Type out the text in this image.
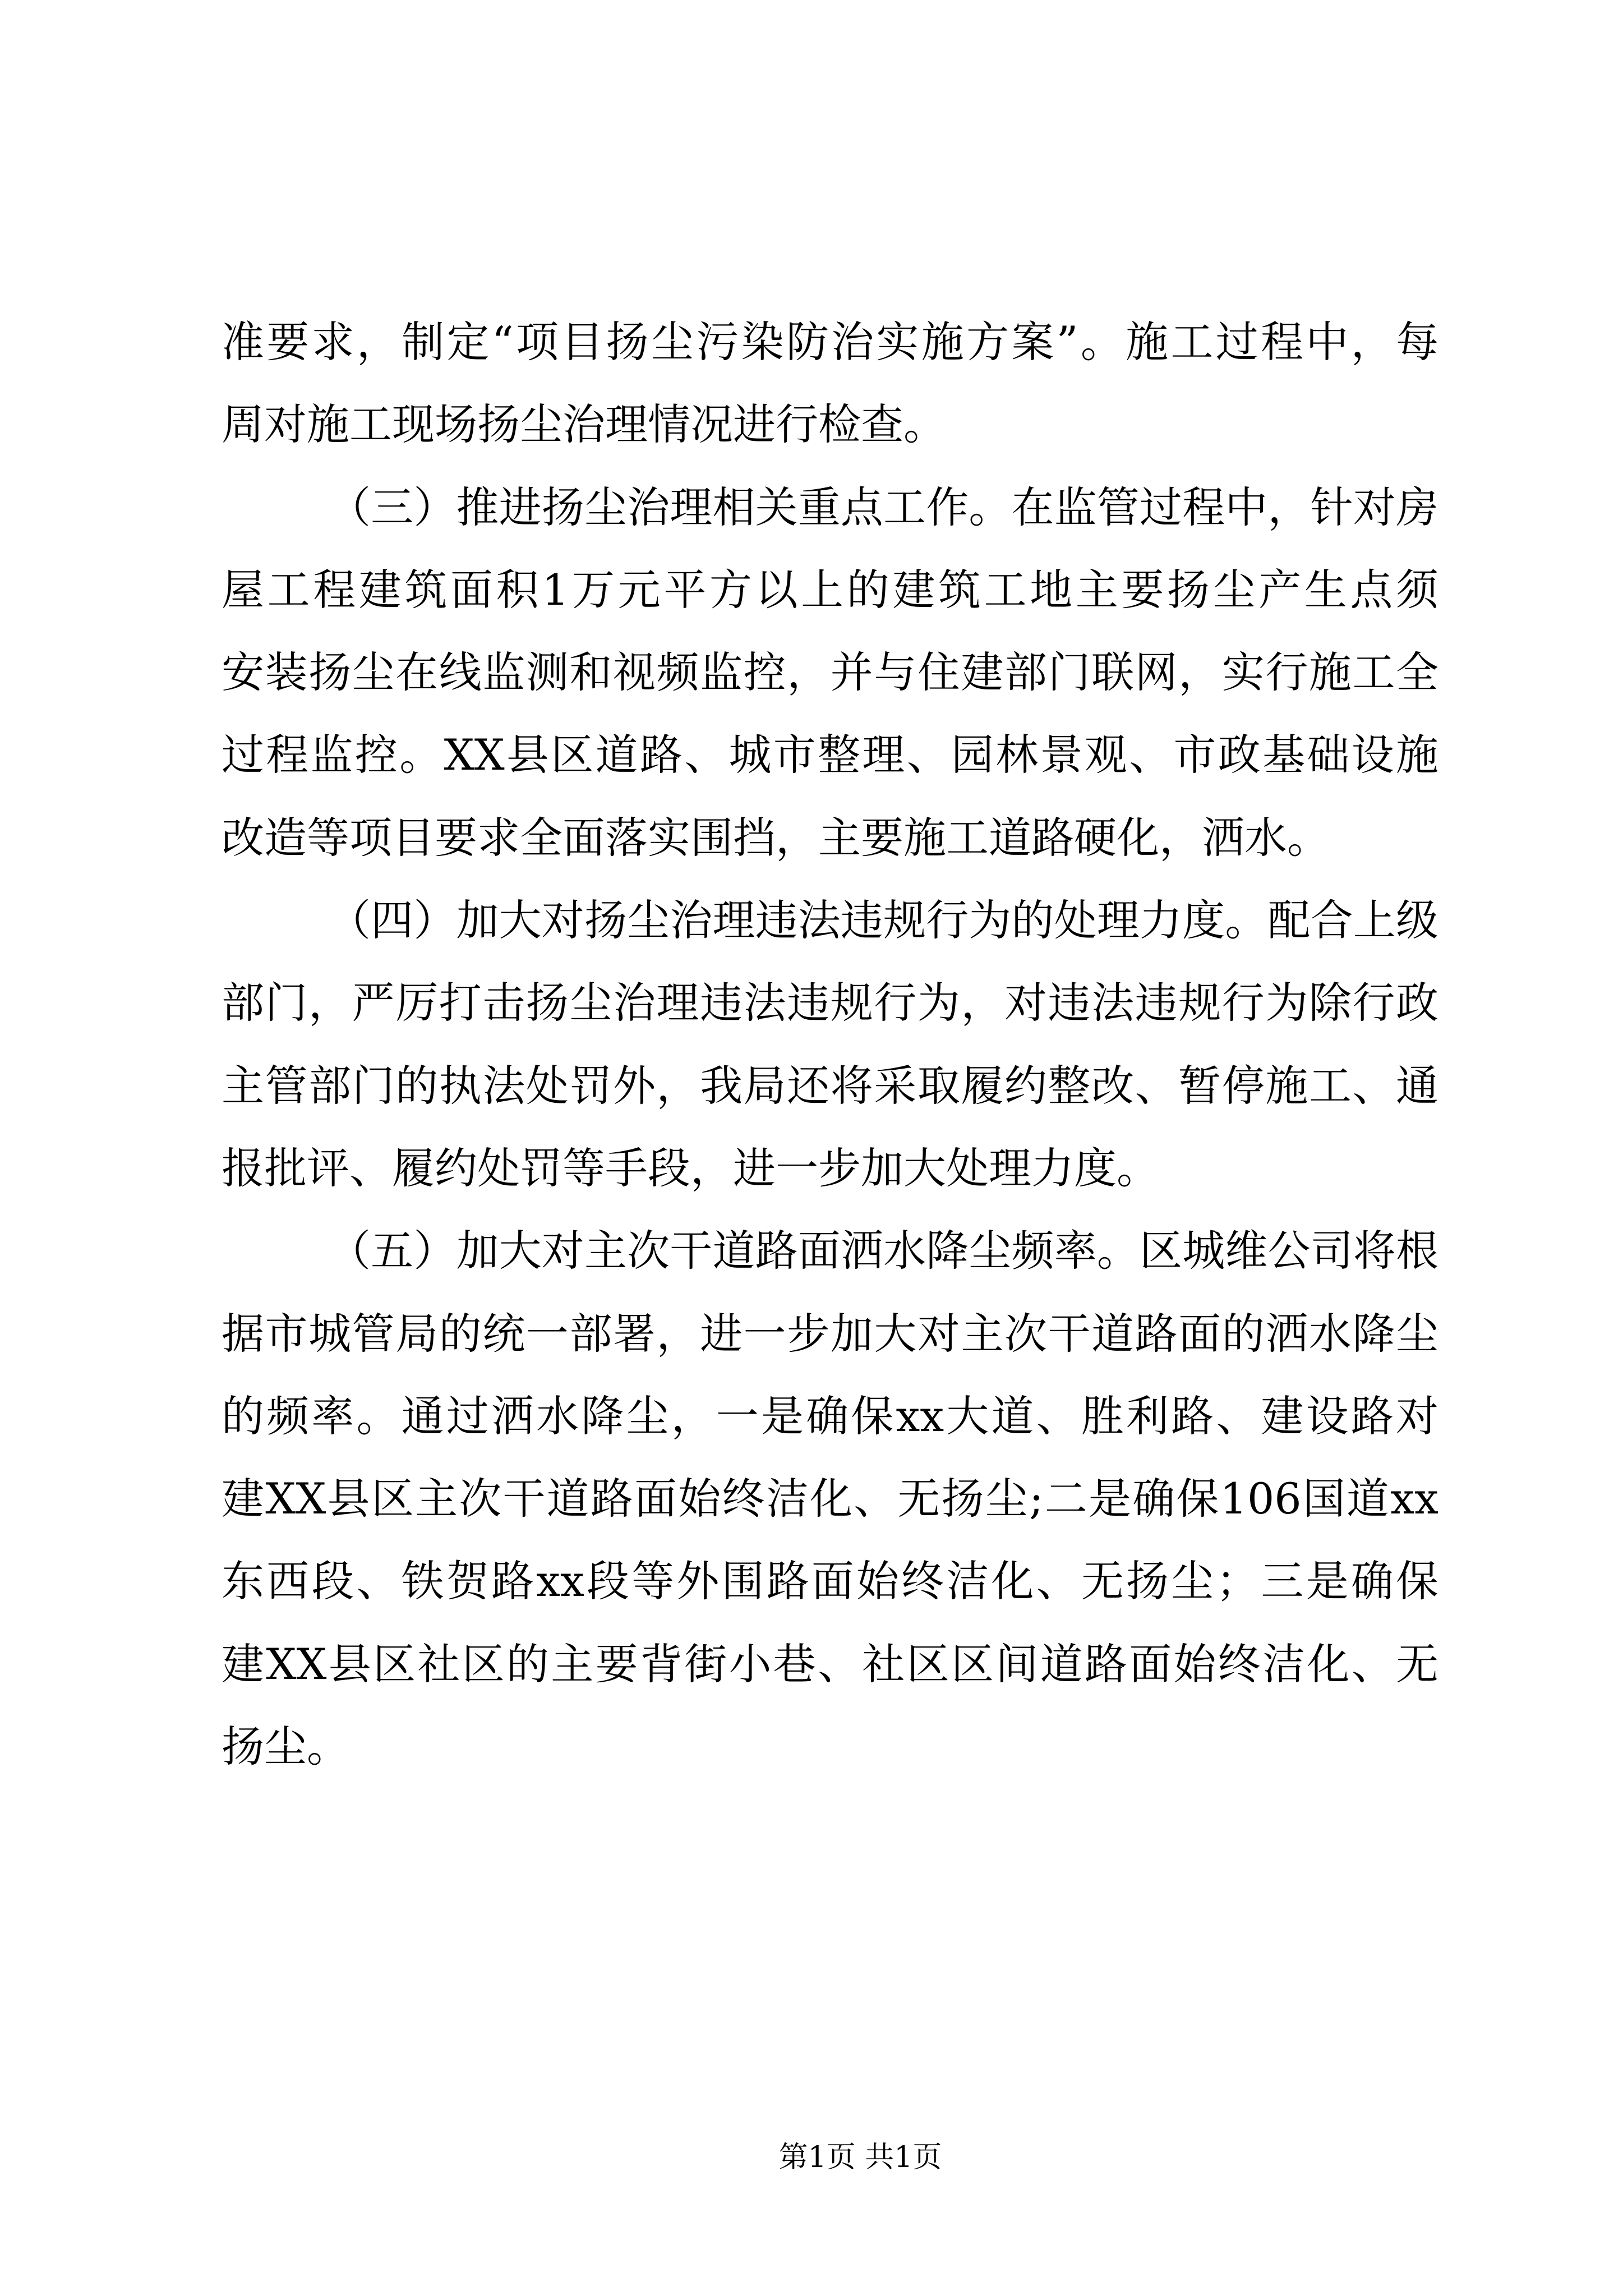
准要求，制定“项目扬尘污染防治实施方案”。施工过程中，每
周对施工现场扬尘治理情况进行检查。
（三）推进扬尘治理相关重点工作。在监管过程中，针对房
屋工程建筑面积1万元平方以上的建筑工地主要扬尘产生点须
安装扬尘在线监测和视频监控，并与住建部门联网，实行施工全
过程监控。XX县区道路、城市整理、园林景观、市政基础设施
改造等项目要求全面落实围挡，主要施工道路硬化，洒水。
（四）加大对扬尘治理违法违规行为的处理力度。配合上级
部门，严厉打击扬尘治理违法违规行为，对违法违规行为除行政
主管部门的执法处罚外，我局还将采取履约整改、暂停施工、通
报批评、履约处罚等手段，进一步加大处理力度。
（五）加大对主次干道路面洒水降尘频率。区城维公司将根
据市城管局的统一部署，进一步加大对主次干道路面的洒水降尘
的频率。通过洒水降尘，一是确保xx大道、胜利路、建设路对
建XX县区主次干道路面始终洁化、无扬尘;二是确保106国道xx
东西段、铁贺路xx段等外围路面始终洁化、无扬尘；三是确保
建XX县区社区的主要背街小巷、社区区间道路面始终洁化、无
扬尘。
第1页 共1页
